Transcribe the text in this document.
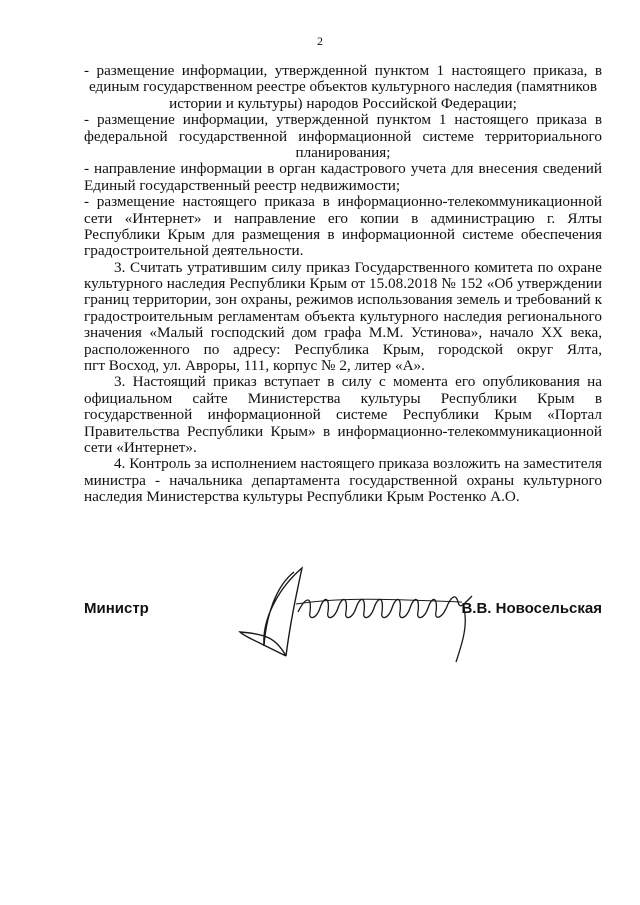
2
- размещение информации, утвержденной пунктом 1 настоящего приказа, в
единым государственном реестре объектов культурного наследия (памятников
истории и культуры) народов Российской Федерации;
- размещение информации, утвержденной пунктом 1 настоящего приказа в
федеральной государственной информационной системе территориального
планирования;
- направление информации в орган кадастрового учета для внесения сведений
Единый государственный реестр недвижимости;
- размещение настоящего приказа в информационно-телекоммуникационной
сети «Интернет» и направление его копии в администрацию г. Ялты
Республики Крым для размещения в информационной системе обеспечения
градостроительной деятельности.
3. Считать утратившим силу приказ Государственного комитета по охране
культурного наследия Республики Крым от 15.08.2018 № 152 «Об утверждении
границ территории, зон охраны, режимов использования земель и требований к
градостроительным регламентам объекта культурного наследия регионального
значения «Малый господский дом графа М.М. Устинова», начало XX века,
расположенного по адресу: Республика Крым, городской округ Ялта,
пгт Восход, ул. Авроры, 111, корпус № 2, литер «А».
3. Настоящий приказ вступает в силу с момента его опубликования на
официальном сайте Министерства культуры Республики Крым в
государственной информационной системе Республики Крым «Портал
Правительства Республики Крым» в информационно-телекоммуникационной
сети «Интернет».
4. Контроль за исполнением настоящего приказа возложить на заместителя
министра - начальника департамента государственной охраны культурного
наследия Министерства культуры Республики Крым Ростенко А.О.
Министр	В.В. Новосельская
